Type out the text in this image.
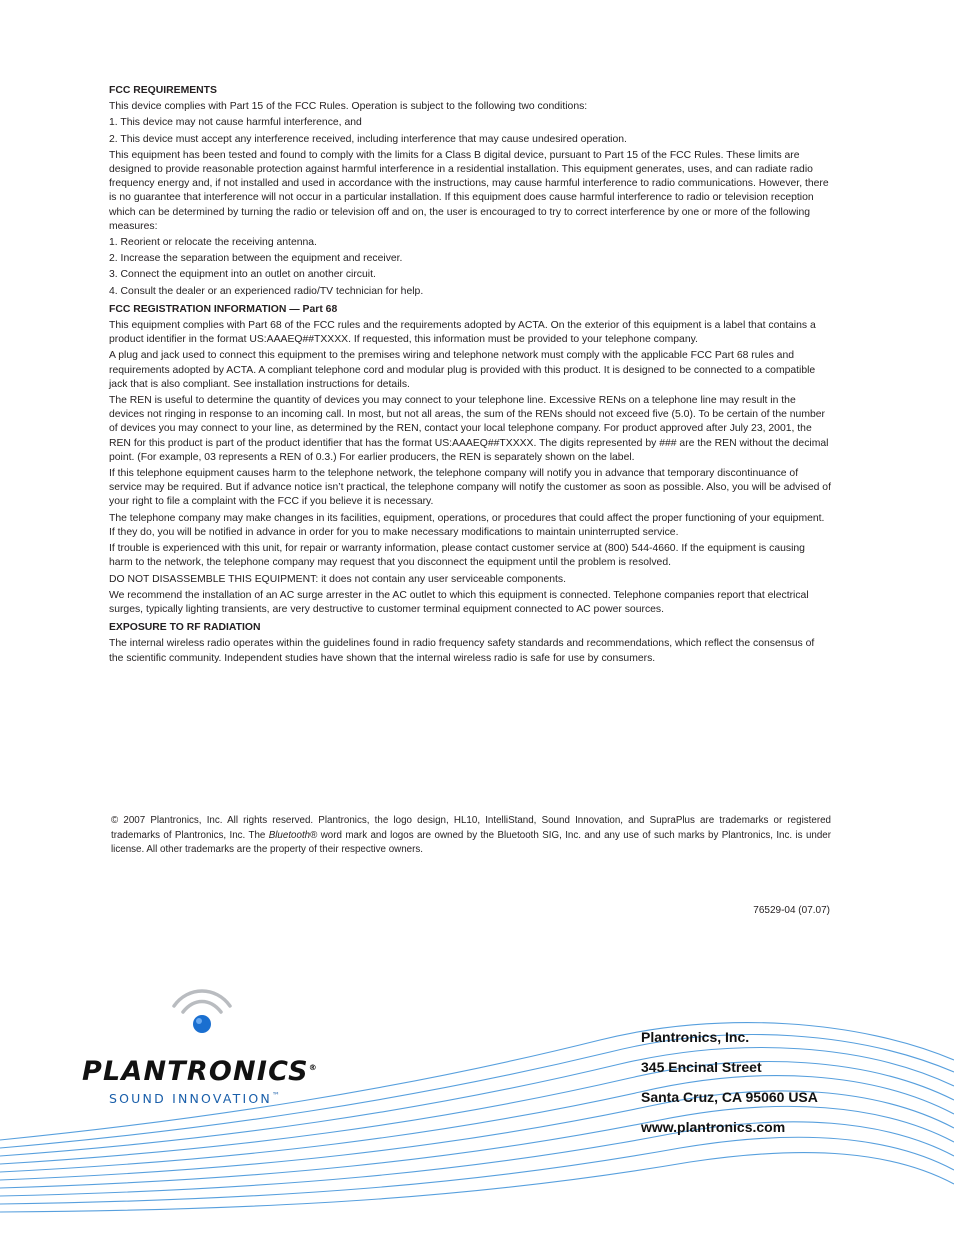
FCC REQUIREMENTS

This device complies with Part 15 of the FCC Rules. Operation is subject to the following two conditions:

1. This device may not cause harmful interference, and

2. This device must accept any interference received, including interference that may cause undesired operation.

This equipment has been tested and found to comply with the limits for a Class B digital device, pursuant to Part 15 of the FCC Rules. These limits are designed to provide reasonable protection against harmful interference in a residential installation. This equipment generates, uses, and can radiate radio frequency energy and, if not installed and used in accordance with the instructions, may cause harmful interference to radio communications. However, there is no guarantee that interference will not occur in a particular installation. If this equipment does cause harmful interference to radio or television reception which can be determined by turning the radio or television off and on, the user is encouraged to try to correct interference by one or more of the following measures:

1. Reorient or relocate the receiving antenna.

2. Increase the separation between the equipment and receiver.

3. Connect the equipment into an outlet on another circuit.

4. Consult the dealer or an experienced radio/TV technician for help.

FCC REGISTRATION INFORMATION — Part 68

This equipment complies with Part 68 of the FCC rules and the requirements adopted by ACTA. On the exterior of this equipment is a label that contains a product identifier in the format US:AAAEQ##TXXXX. If requested, this information must be provided to your telephone company.

A plug and jack used to connect this equipment to the premises wiring and telephone network must comply with the applicable FCC Part 68 rules and requirements adopted by ACTA. A compliant telephone cord and modular plug is provided with this product. It is designed to be connected to a compatible jack that is also compliant. See installation instructions for details.

The REN is useful to determine the quantity of devices you may connect to your telephone line. Excessive RENs on a telephone line may result in the devices not ringing in response to an incoming call. In most, but not all areas, the sum of the RENs should not exceed five (5.0). To be certain of the number of devices you may connect to your line, as determined by the REN, contact your local telephone company. For product approved after July 23, 2001, the REN for this product is part of the product identifier that has the format US:AAAEQ##TXXXX. The digits represented by ### are the REN without the decimal point. (For example, 03 represents a REN of 0.3.) For earlier producers, the REN is separately shown on the label.

If this telephone equipment causes harm to the telephone network, the telephone company will notify you in advance that temporary discontinuance of service may be required. But if advance notice isn’t practical, the telephone company will notify the customer as soon as possible. Also, you will be advised of your right to file a complaint with the FCC if you believe it is necessary.

The telephone company may make changes in its facilities, equipment, operations, or procedures that could affect the proper functioning of your equipment. If they do, you will be notified in advance in order for you to make necessary modifications to maintain uninterrupted service.

If trouble is experienced with this unit, for repair or warranty information, please contact customer service at (800) 544-4660. If the equipment is causing harm to the network, the telephone company may request that you disconnect the equipment until the problem is resolved.

DO NOT DISASSEMBLE THIS EQUIPMENT: it does not contain any user serviceable components.

We recommend the installation of an AC surge arrester in the AC outlet to which this equipment is connected. Telephone companies report that electrical surges, typically lighting transients, are very destructive to customer terminal equipment connected to AC power sources.

EXPOSURE TO RF RADIATION

The internal wireless radio operates within the guidelines found in radio frequency safety standards and recommendations, which reflect the consensus of the scientific community. Independent studies have shown that the internal wireless radio is safe for use by consumers.

© 2007 Plantronics, Inc. All rights reserved. Plantronics, the logo design, HL10, IntelliStand, Sound Innovation, and SupraPlus are trademarks or registered trademarks of Plantronics, Inc. The Bluetooth® word mark and logos are owned by the Bluetooth SIG, Inc. and any use of such marks by Plantronics, Inc. is under license. All other trademarks are the property of their respective owners.
76529-04 (07.07)
PLANTRONICS®
SOUND INNOVATION™
Plantronics, Inc.
345 Encinal Street
Santa Cruz, CA 95060 USA
www.plantronics.com
